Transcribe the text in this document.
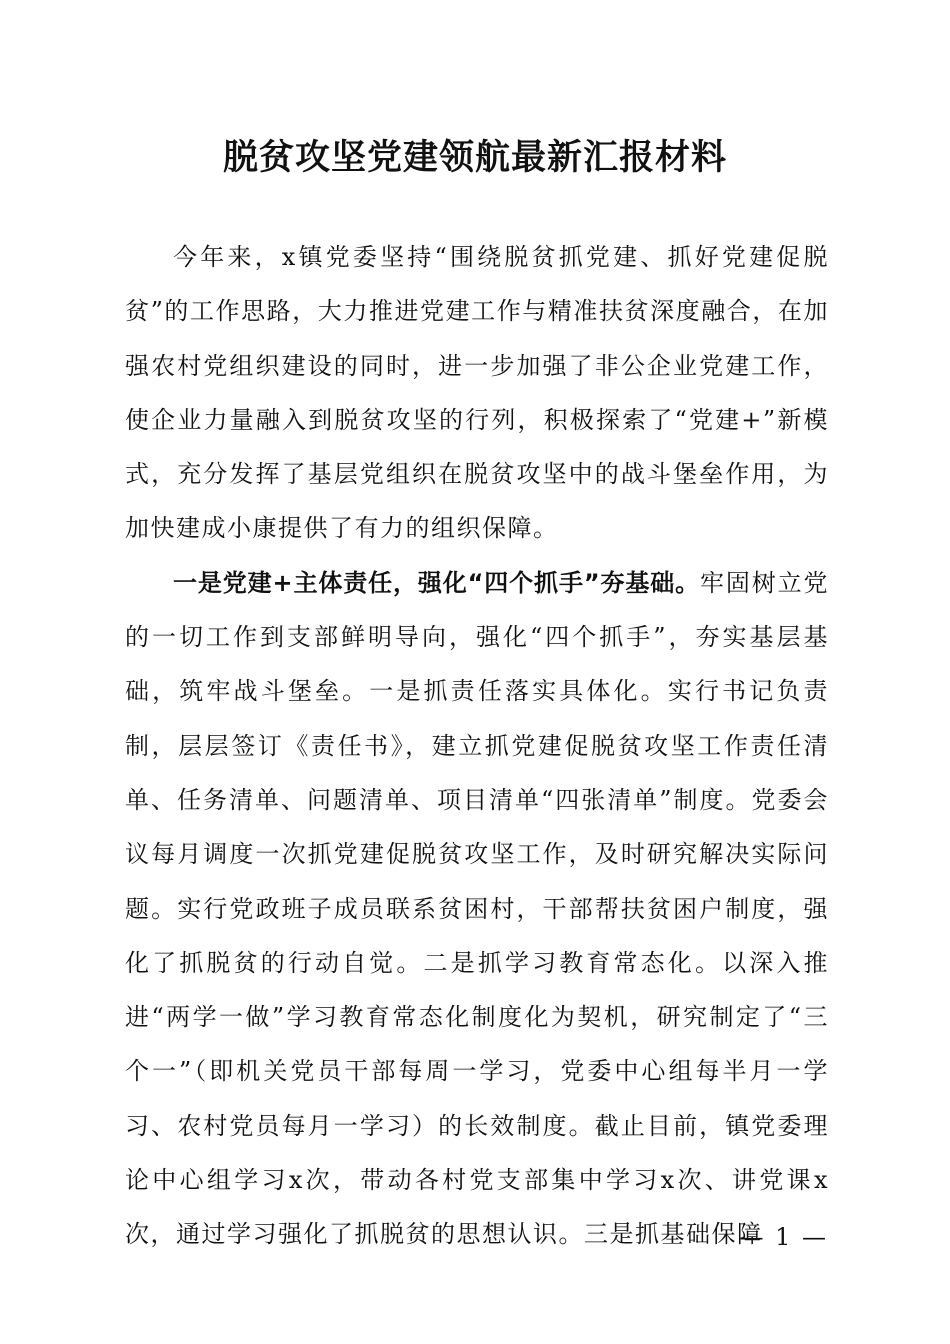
脱贫攻坚党建领航最新汇报材料

今年来，x镇党委坚持“围绕脱贫抓党建、抓好党建促脱贫”的工作思路，大力推进党建工作与精准扶贫深度融合，在加强农村党组织建设的同时，进一步加强了非公企业党建工作，使企业力量融入到脱贫攻坚的行列，积极探索了“党建+”新模式，充分发挥了基层党组织在脱贫攻坚中的战斗堡垒作用，为加快建成小康提供了有力的组织保障。

一是党建+主体责任，强化“四个抓手”夯基础。牢固树立党的一切工作到支部鲜明导向，强化“四个抓手”，夯实基层基础，筑牢战斗堡垒。一是抓责任落实具体化。实行书记负责制，层层签订《责任书》，建立抓党建促脱贫攻坚工作责任清单、任务清单、问题清单、项目清单“四张清单”制度。党委会议每月调度一次抓党建促脱贫攻坚工作，及时研究解决实际问题。实行党政班子成员联系贫困村，干部帮扶贫困户制度，强化了抓脱贫的行动自觉。二是抓学习教育常态化。以深入推进“两学一做”学习教育常态化制度化为契机，研究制定了“三个一”（即机关党员干部每周一学习，党委中心组每半月一学习、农村党员每月一学习）的长效制度。截止目前，镇党委理论中心组学习x次，带动各村党支部集中学习x次、讲党课x次，通过学习强化了抓脱贫的思想认识。三是抓基础保障

— 1 —
